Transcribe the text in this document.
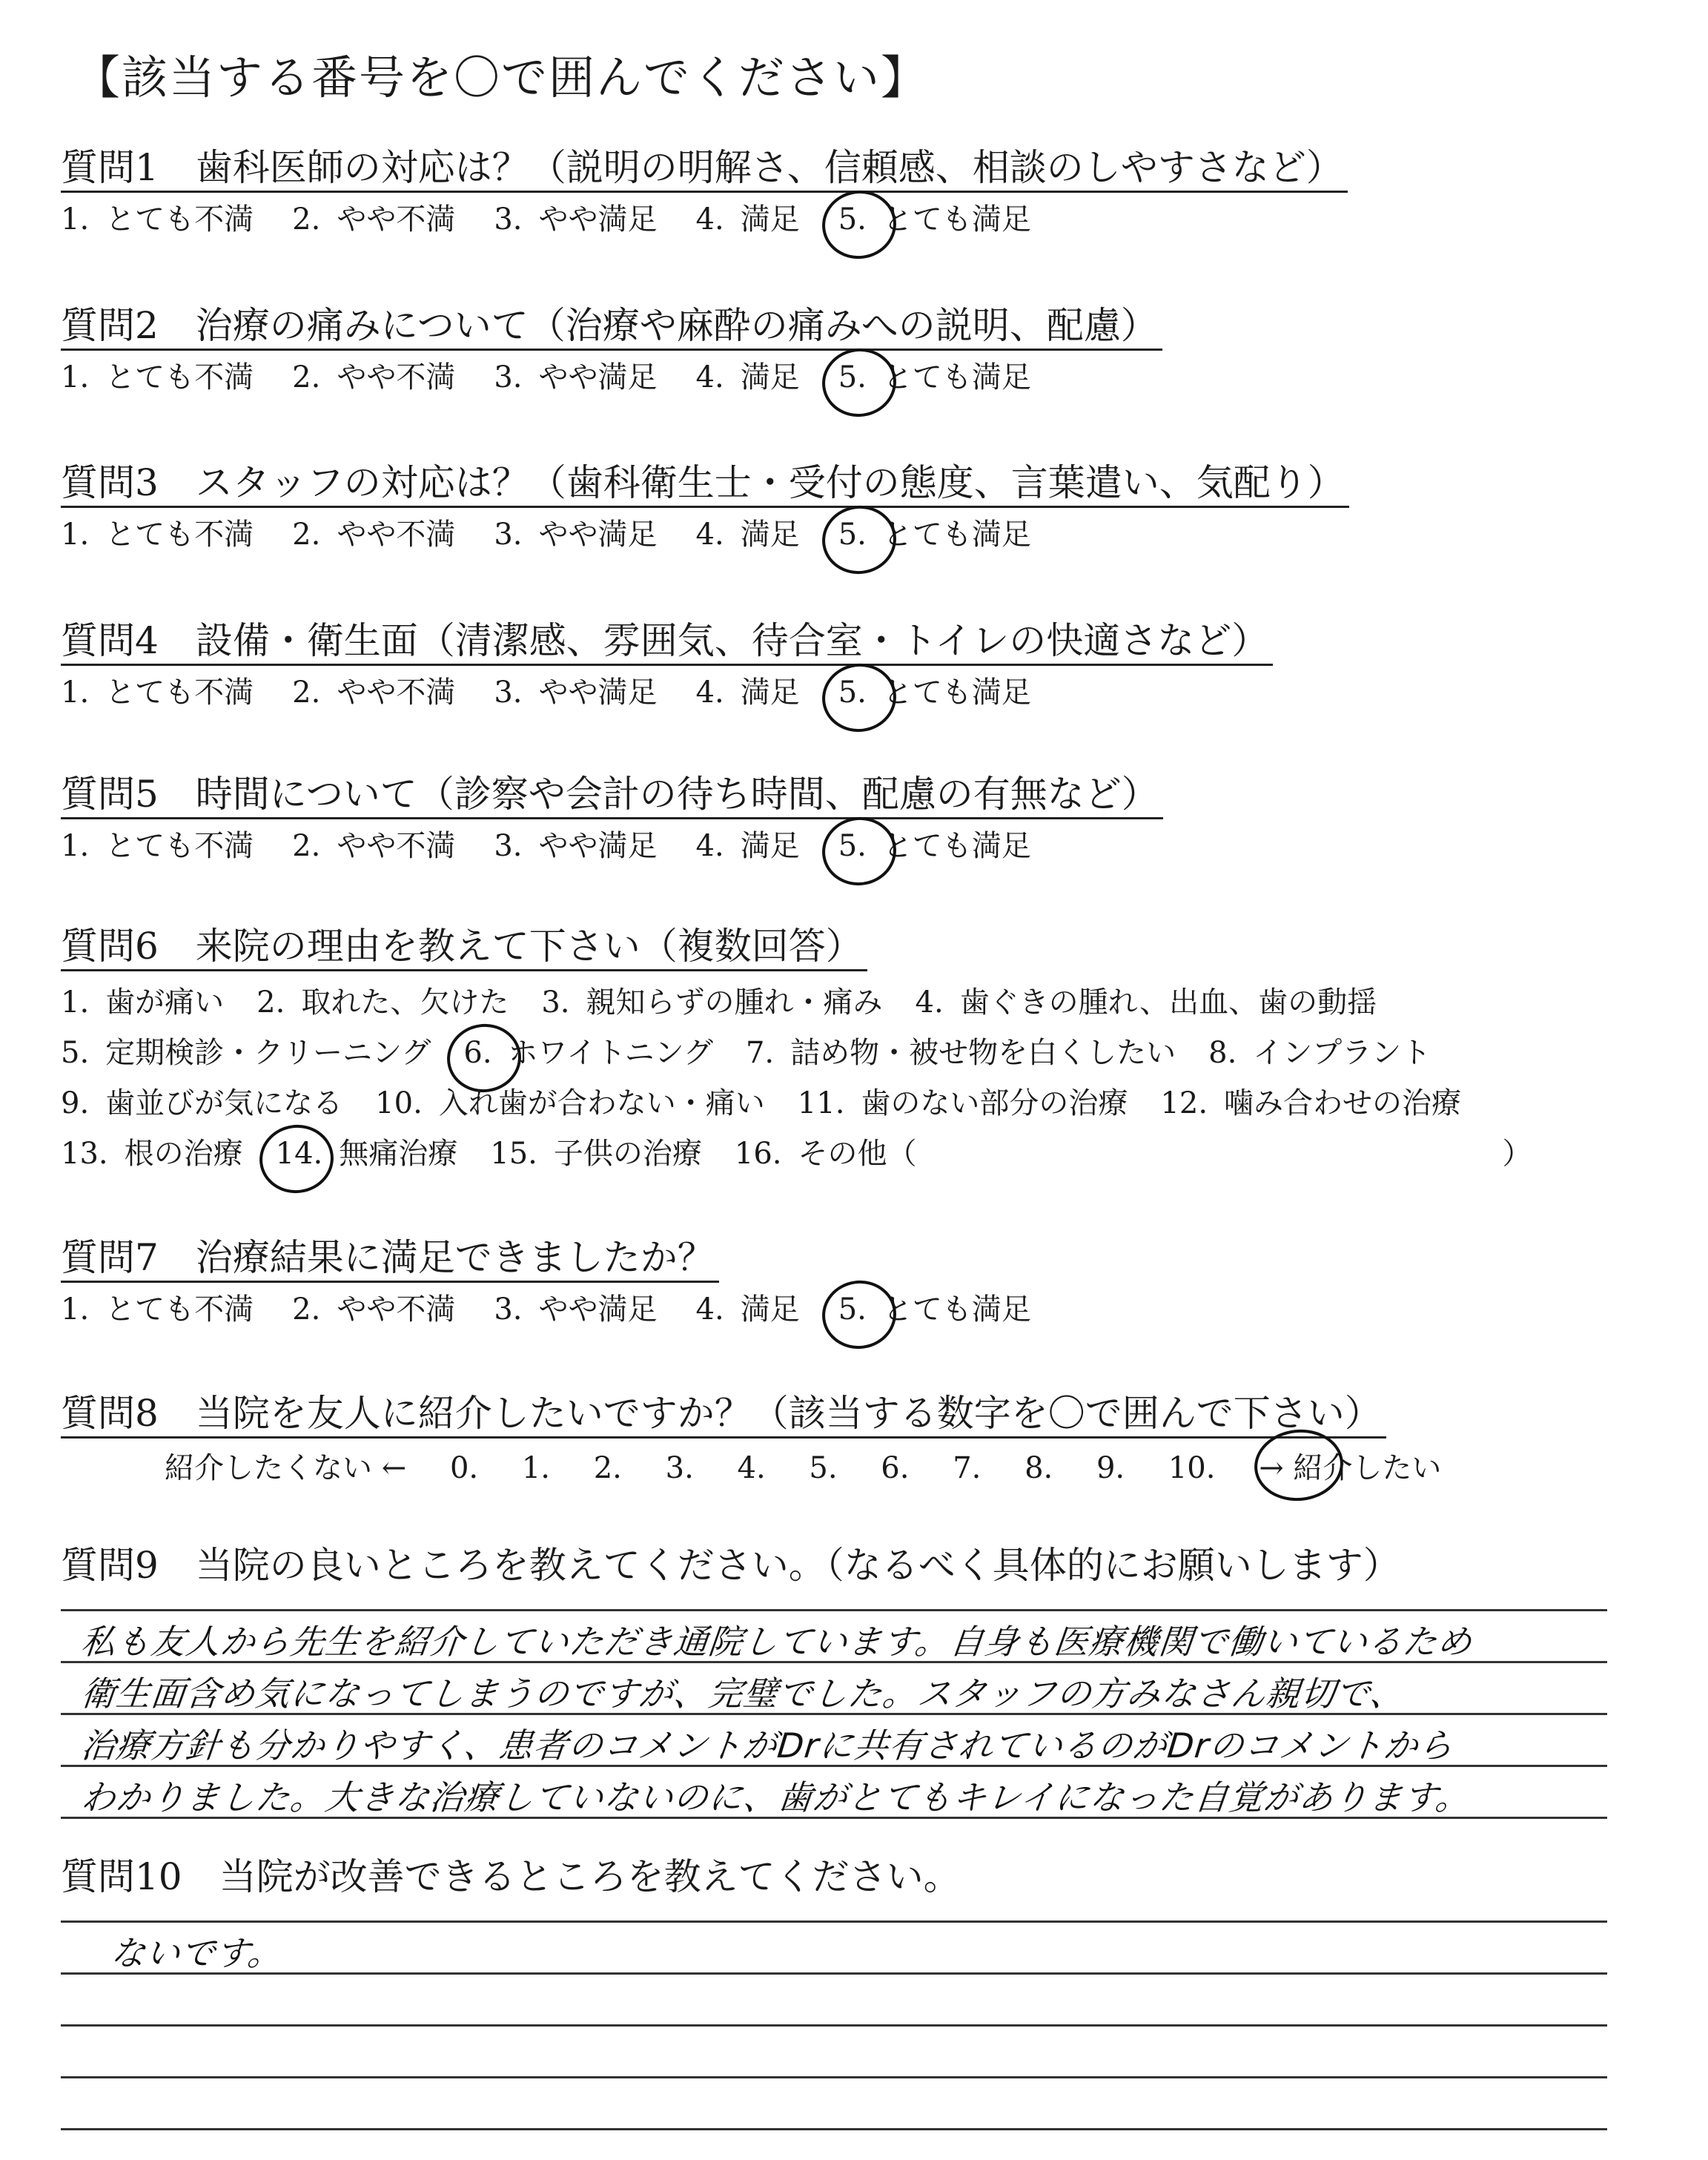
【該当する番号を〇で囲んでください】
質問1　歯科医師の対応は？（説明の明解さ、信頼感、相談のしやすさなど）
1. とても不満 2. やや不満 3. やや満足 4. 満足 5. とても満足
質問2　治療の痛みについて（治療や麻酔の痛みへの説明、配慮）
1. とても不満 2. やや不満 3. やや満足 4. 満足 5. とても満足
質問3　スタッフの対応は？（歯科衛生士・受付の態度、言葉遣い、気配り）
1. とても不満 2. やや不満 3. やや満足 4. 満足 5. とても満足
質問4　設備・衛生面（清潔感、雰囲気、待合室・トイレの快適さなど）
1. とても不満 2. やや不満 3. やや満足 4. 満足 5. とても満足
質問5　時間について（診察や会計の待ち時間、配慮の有無など）
1. とても不満 2. やや不満 3. やや満足 4. 満足 5. とても満足
質問6　来院の理由を教えて下さい（複数回答）
1. 歯が痛い 2. 取れた、欠けた 3. 親知らずの腫れ・痛み 4. 歯ぐきの腫れ、出血、歯の動揺
5. 定期検診・クリーニング 6. ホワイトニング 7. 詰め物・被せ物を白くしたい 8. インプラント
9. 歯並びが気になる 10. 入れ歯が合わない・痛い 11. 歯のない部分の治療 12. 噛み合わせの治療
13. 根の治療 14. 無痛治療 15. 子供の治療 16. その他（	）
質問7　治療結果に満足できましたか？
1. とても不満 2. やや不満 3. やや満足 4. 満足 5. とても満足
質問8　当院を友人に紹介したいですか？（該当する数字を〇で囲んで下さい）
紹介したくない ← 0. 1. 2. 3. 4. 5. 6. 7. 8. 9. 10. → 紹介したい
質問9　当院の良いところを教えてください。（なるべく具体的にお願いします）
私も友人から先生を紹介していただき通院しています。自身も医療機関で働いているため
衛生面含め気になってしまうのですが、完璧でした。スタッフの方みなさん親切で、
治療方針も分かりやすく、患者のコメントがDrに共有されているのがDrのコメントから
わかりました。大きな治療していないのに、歯がとてもキレイになった自覚があります。
質問10　当院が改善できるところを教えてください。
ないです。
